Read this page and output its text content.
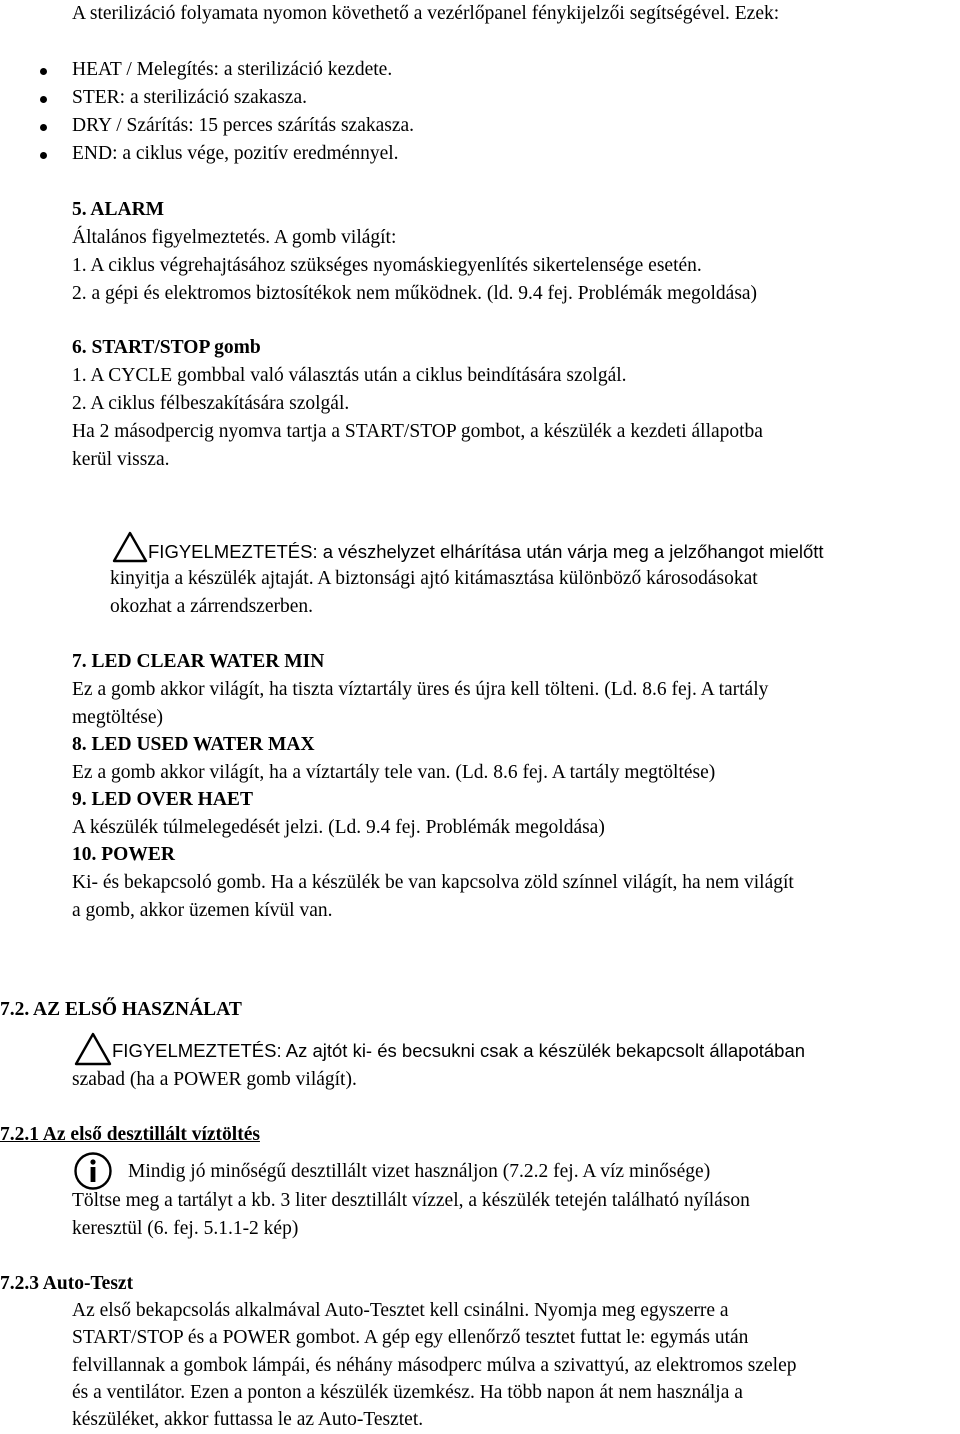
A sterilizáció folyamata nyomon követhető a vezérlőpanel fénykijelzői segítségével. Ezek:
HEAT / Melegítés: a sterilizáció kezdete.
STER: a sterilizáció szakasza.
DRY / Szárítás: 15 perces szárítás szakasza.
END: a ciklus vége, pozitív eredménnyel.
5. ALARM
Általános figyelmeztetés. A gomb világít:
1. A ciklus végrehajtásához szükséges nyomáskiegyenlítés sikertelensége esetén.
2. a gépi és elektromos biztosítékok nem működnek. (ld. 9.4 fej. Problémák megoldása)
6. START/STOP gomb
1. A CYCLE gombbal való választás után a ciklus beindítására szolgál.
2. A ciklus félbeszakítására szolgál.
Ha 2 másodpercig nyomva tartja a START/STOP gombot, a készülék a kezdeti állapotba
kerül vissza.
FIGYELMEZTETÉS: a vészhelyzet elhárítása után várja meg a jelzőhangot mielőtt
kinyitja a készülék ajtaját. A biztonsági ajtó kitámasztása különböző károsodásokat
okozhat a zárrendszerben.
7. LED CLEAR WATER MIN
Ez a gomb akkor világít, ha tiszta víztartály üres és újra kell tölteni. (Ld. 8.6 fej. A tartály
megtöltése)
8. LED USED WATER MAX
Ez a gomb akkor világít, ha a víztartály tele van. (Ld. 8.6 fej. A tartály megtöltése)
9. LED OVER HAET
A készülék túlmelegedését jelzi. (Ld. 9.4 fej. Problémák megoldása)
10. POWER
Ki- és bekapcsoló gomb. Ha a készülék be van kapcsolva zöld színnel világít, ha nem világít
a gomb, akkor üzemen kívül van.
7.2. AZ ELSŐ HASZNÁLAT
FIGYELMEZTETÉS: Az ajtót ki- és becsukni csak a készülék bekapcsolt állapotában
szabad (ha a POWER gomb világít).
7.2.1 Az első desztillált víztöltés
Mindig jó minőségű desztillált vizet használjon (7.2.2 fej. A víz minősége)
Töltse meg a tartályt a kb. 3 liter desztillált vízzel, a készülék tetején található nyíláson
keresztül (6. fej. 5.1.1-2 kép)
7.2.3 Auto-Teszt
Az első bekapcsolás alkalmával Auto-Tesztet kell csinálni. Nyomja meg egyszerre a
START/STOP és a POWER gombot. A gép egy ellenőrző tesztet futtat le: egymás után
felvillannak a gombok lámpái, és néhány másodperc múlva a szivattyú, az elektromos szelep
és a ventilátor. Ezen a ponton a készülék üzemkész. Ha több napon át nem használja a
készüléket, akkor futtassa le az Auto-Tesztet.
